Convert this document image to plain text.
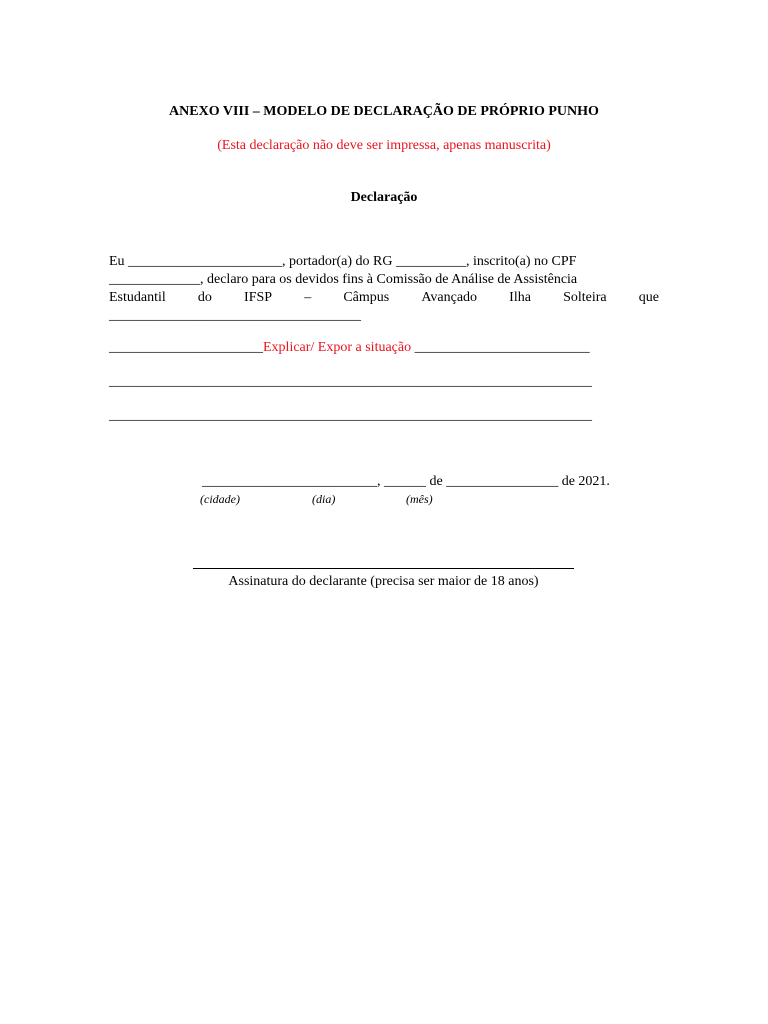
ANEXO VIII – MODELO DE DECLARAÇÃO DE PRÓPRIO PUNHO
(Esta declaração não deve ser impressa, apenas manuscrita)
Declaração
Eu ______________________, portador(a) do RG __________, inscrito(a) no CPF
_____________, declaro para os devidos fins à Comissão de Análise de Assistência
Estudantil do IFSP – Câmpus Avançado Ilha Solteira que
____________________________________
______________________Explicar/ Expor a situação _________________________
_____________________________________________________________________
_____________________________________________________________________
_________________________, ______ de ________________ de 2021.
(cidade)	(dia)	(mês)
Assinatura do declarante (precisa ser maior de 18 anos)
